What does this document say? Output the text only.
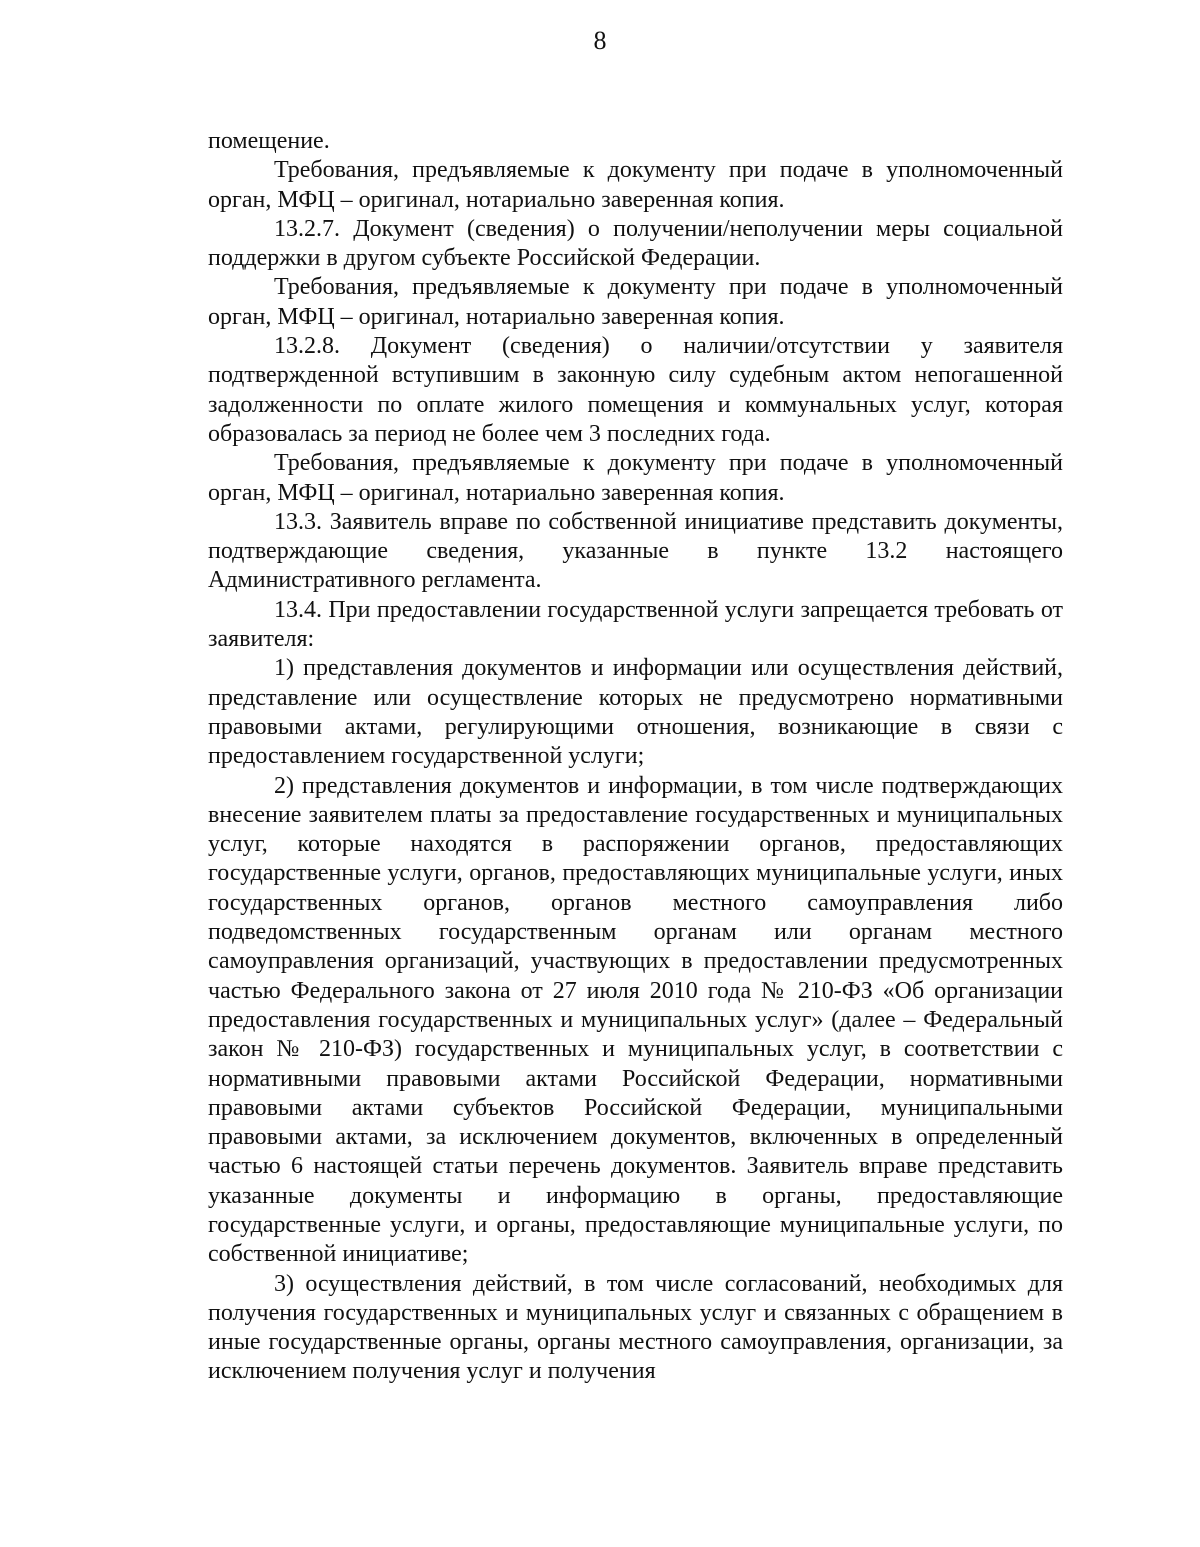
8

помещение.

Требования, предъявляемые к документу при подаче в уполномоченный орган, МФЦ – оригинал, нотариально заверенная копия.

13.2.7. Документ (сведения) о получении/неполучении меры социальной поддержки в другом субъекте Российской Федерации.

Требования, предъявляемые к документу при подаче в уполномоченный орган, МФЦ – оригинал, нотариально заверенная копия.

13.2.8. Документ (сведения) о наличии/отсутствии у заявителя подтвержденной вступившим в законную силу судебным актом непогашенной задолженности по оплате жилого помещения и коммунальных услуг, которая образовалась за период не более чем 3 последних года.

Требования, предъявляемые к документу при подаче в уполномоченный орган, МФЦ – оригинал, нотариально заверенная копия.

13.3. Заявитель вправе по собственной инициативе представить документы, подтверждающие сведения, указанные в пункте 13.2 настоящего Административного регламента.

13.4. При предоставлении государственной услуги запрещается требовать от заявителя:

1) представления документов и информации или осуществления действий, представление или осуществление которых не предусмотрено нормативными правовыми актами, регулирующими отношения, возникающие в связи с предоставлением государственной услуги;

2) представления документов и информации, в том числе подтверждающих внесение заявителем платы за предоставление государственных и муниципальных услуг, которые находятся в распоряжении органов, предоставляющих государственные услуги, органов, предоставляющих муниципальные услуги, иных государственных органов, органов местного самоуправления либо подведомственных государственным органам или органам местного самоуправления организаций, участвующих в предоставлении предусмотренных частью Федерального закона от 27 июля 2010 года № 210-ФЗ «Об организации предоставления государственных и муниципальных услуг» (далее – Федеральный закон № 210-ФЗ) государственных и муниципальных услуг, в соответствии с нормативными правовыми актами Российской Федерации, нормативными правовыми актами субъектов Российской Федерации, муниципальными правовыми актами, за исключением документов, включенных в определенный частью 6 настоящей статьи перечень документов. Заявитель вправе представить указанные документы и информацию в органы, предоставляющие государственные услуги, и органы, предоставляющие муниципальные услуги, по собственной инициативе;

3) осуществления действий, в том числе согласований, необходимых для получения государственных и муниципальных услуг и связанных с обращением в иные государственные органы, органы местного самоуправления, организации, за исключением получения услуг и получения
